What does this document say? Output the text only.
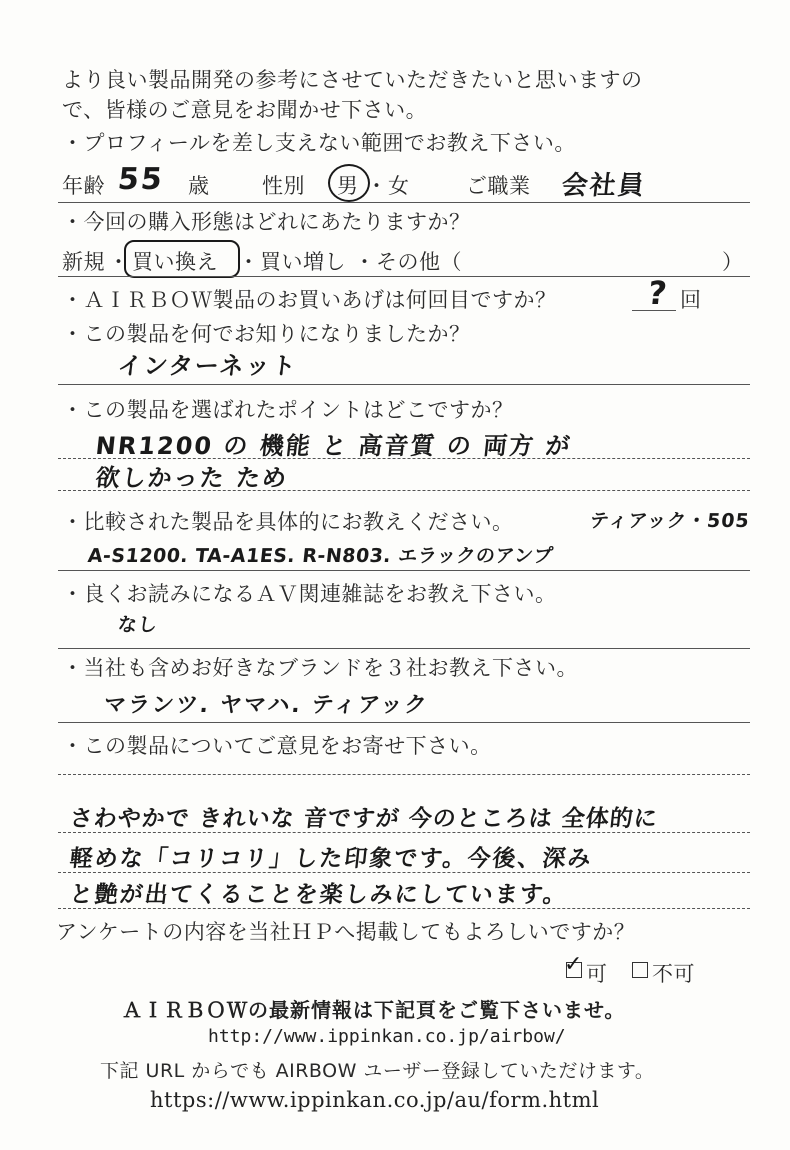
より良い製品開発の参考にさせていただきたいと思いますの
で、皆様のご意見をお聞かせ下さい。
・プロフィールを差し支えない範囲でお教え下さい。
年齢 55 歳	性別 男 ・ 女	ご職業 会社員
・今回の購入形態はどれにあたりますか？
新規 ・ 買い換え ・ 買い増し ・ その他（	）
・ＡＩＲＢＯＷ製品のお買いあげは何回目ですか？	? 回
・この製品を何でお知りになりましたか？
インターネット
・この製品を選ばれたポイントはどこですか？
NR1200 の 機能 と 高音質 の 両方 が
欲しかった ため
・比較された製品を具体的にお教えください。	ティアック・505
A-S1200. TA-A1ES. R-N803. エラックのアンプ
・良くお読みになるＡＶ関連雑誌をお教え下さい。
なし
・当社も含めお好きなブランドを３社お教え下さい。
マランツ. ヤマハ. ティアック
・この製品についてご意見をお寄せ下さい。
さわやかで きれいな 音ですが 今のところは 全体的に
軽めな「コリコリ」した印象です。今後、深み
と艶が出てくることを楽しみにしています。
アンケートの内容を当社ＨＰへ掲載してもよろしいですか？
✓ 可 不可
ＡＩＲＢＯＷの最新情報は下記頁をご覧下さいませ。
http://www.ippinkan.co.jp/airbow/
下記 URL からでも AIRBOW ユーザー登録していただけます。
https://www.ippinkan.co.jp/au/form.html
